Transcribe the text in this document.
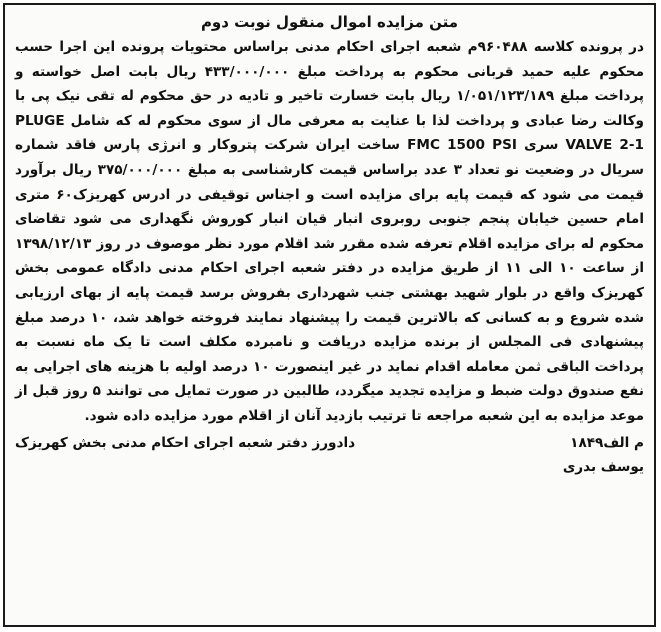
متن مزایده اموال منقول نوبت دوم

در پرونده کلاسه ۹۶۰۴۸۸م شعبه اجرای احکام مدنی براساس محتویات پرونده این اجرا حسب محکوم علیه حمید قربانی محکوم به پرداخت مبلغ ۴۳۳/۰۰۰/۰۰۰ ریال بابت اصل خواسته و پرداخت مبلغ ۱/۰۵۱/۱۲۳/۱۸۹ ریال بابت خسارت تاخیر و تادیه در حق محکوم له تقی نیک پی با وکالت رضا عبادی و پرداخت لذا با عنایت به معرفی مال از سوی محکوم له که شامل PLUGE VALVE 2-1 سری FMC 1500 PSI ساخت ایران شرکت پتروکار و انرژی پارس فاقد شماره سریال در وضعیت نو تعداد ۳ عدد براساس قیمت کارشناسی به مبلغ ۳۷۵/۰۰۰/۰۰۰ ریال برآورد قیمت می شود که قیمت پایه برای مزایده است و اجناس توقیفی در ادرس کهریزک۶۰ متری امام حسین خیابان پنجم جنوبی روبروی انبار قیان انبار کوروش نگهداری می شود تقاضای محکوم له برای مزایده اقلام تعرفه شده مقرر شد اقلام مورد نظر موصوف در روز ۱۳۹۸/۱۲/۱۳ از ساعت ۱۰ الی ۱۱ از طریق مزایده در دفتر شعبه اجرای احکام مدنی دادگاه عمومی بخش کهریزک واقع در بلوار شهید بهشتی جنب شهرداری بفروش برسد قیمت پایه از بهای ارزیابی شده شروع و به کسانی که بالاترین قیمت را پیشنهاد نمایند فروخته خواهد شد، ۱۰ درصد مبلغ پیشنهادی فی المجلس از برنده مزایده دریافت و نامبرده مکلف است تا یک ماه نسبت به پرداخت الباقی ثمن معامله اقدام نماید در غیر اینصورت ۱۰ درصد اولیه با هزینه های اجرایی به نفع صندوق دولت ضبط و مزایده تجدید میگردد، طالبین در صورت تمایل می توانند ۵ روز قبل از موعد مزایده به این شعبه مراجعه تا ترتیب بازدید آنان از اقلام مورد مزایده داده شود.

م الف۱۸۴۹
دادورز دفتر شعبه اجرای احکام مدنی بخش کهریزک
یوسف بدری
